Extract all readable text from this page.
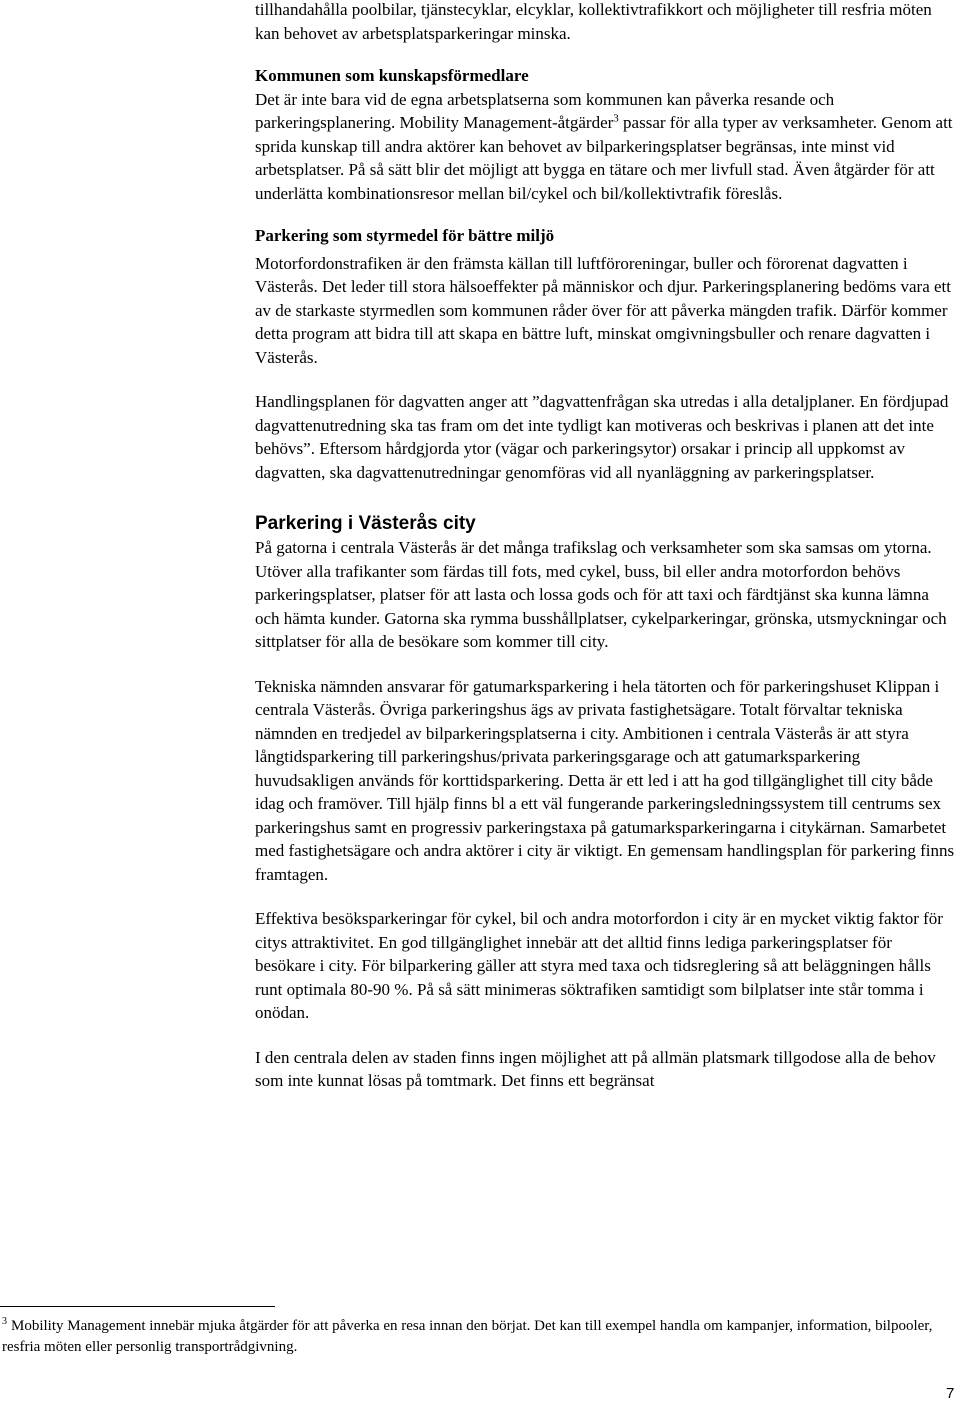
tillhandahålla poolbilar, tjänstecyklar, elcyklar, kollektivtrafikkort och möjligheter till resfria möten kan behovet av arbetsplatsparkeringar minska.

Kommunen som kunskapsförmedlare

Det är inte bara vid de egna arbetsplatserna som kommunen kan påverka resande och parkeringsplanering. Mobility Management-åtgärder$^3$ passar för alla typer av verksamheter. Genom att sprida kunskap till andra aktörer kan behovet av bilparkeringsplatser begränsas, inte minst vid arbetsplatser. På så sätt blir det möjligt att bygga en tätare och mer livfull stad. Även åtgärder för att underlätta kombinationsresor mellan bil/cykel och bil/kollektivtrafik föreslås.

Parkering som styrmedel för bättre miljö

Motorfordonstrafiken är den främsta källan till luftföroreningar, buller och förorenat dagvatten i Västerås. Det leder till stora hälsoeffekter på människor och djur. Parkeringsplanering bedöms vara ett av de starkaste styrmedlen som kommunen råder över för att påverka mängden trafik. Därför kommer detta program att bidra till att skapa en bättre luft, minskat omgivningsbuller och renare dagvatten i Västerås.

Handlingsplanen för dagvatten anger att ”dagvattenfrågan ska utredas i alla detaljplaner. En fördjupad dagvattenutredning ska tas fram om det inte tydligt kan motiveras och beskrivas i planen att det inte behövs”. Eftersom hårdgjorda ytor (vägar och parkeringsytor) orsakar i princip all uppkomst av dagvatten, ska dagvattenutredningar genomföras vid all nyanläggning av parkeringsplatser.

Parkering i Västerås city

På gatorna i centrala Västerås är det många trafikslag och verksamheter som ska samsas om ytorna. Utöver alla trafikanter som färdas till fots, med cykel, buss, bil eller andra motorfordon behövs parkeringsplatser, platser för att lasta och lossa gods och för att taxi och färdtjänst ska kunna lämna och hämta kunder. Gatorna ska rymma busshållplatser, cykelparkeringar, grönska, utsmyckningar och sittplatser för alla de besökare som kommer till city.

Tekniska nämnden ansvarar för gatumarksparkering i hela tätorten och för parkeringshuset Klippan i centrala Västerås. Övriga parkeringshus ägs av privata fastighetsägare. Totalt förvaltar tekniska nämnden en tredjedel av bilparkeringsplatserna i city. Ambitionen i centrala Västerås är att styra långtidsparkering till parkeringshus/privata parkeringsgarage och att gatumarksparkering huvudsakligen används för korttidsparkering. Detta är ett led i att ha god tillgänglighet till city både idag och framöver. Till hjälp finns bl a ett väl fungerande parkeringsledningssystem till centrums sex parkeringshus samt en progressiv parkeringstaxa på gatumarksparkeringarna i citykärnan. Samarbetet med fastighetsägare och andra aktörer i city är viktigt. En gemensam handlingsplan för parkering finns framtagen.

Effektiva besöksparkeringar för cykel, bil och andra motorfordon i city är en mycket viktig faktor för citys attraktivitet. En god tillgänglighet innebär att det alltid finns lediga parkeringsplatser för besökare i city. För bilparkering gäller att styra med taxa och tidsreglering så att beläggningen hålls runt optimala 80-90 %. På så sätt minimeras söktrafiken samtidigt som bilplatser inte står tomma i onödan.

I den centrala delen av staden finns ingen möjlighet att på allmän platsmark tillgodose alla de behov som inte kunnat lösas på tomtmark. Det finns ett begränsat

$^3$ Mobility Management innebär mjuka åtgärder för att påverka en resa innan den börjat. Det kan till exempel handla om kampanjer, information, bilpooler, resfria möten eller personlig transportrådgivning.
7
